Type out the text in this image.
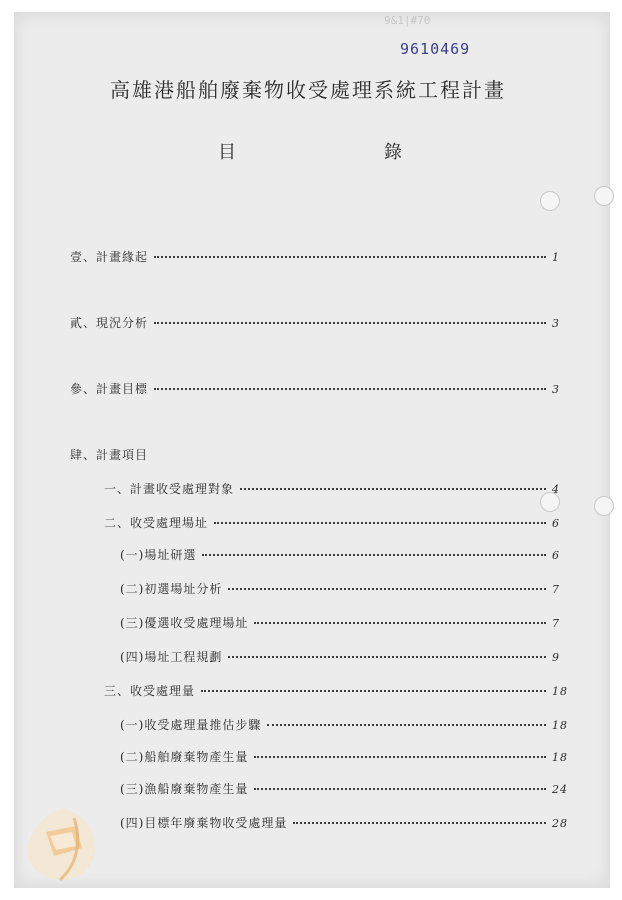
9&1|#70
9610469
高雄港船舶廢棄物收受處理系統工程計畫
目	錄
壹、計畫緣起	1
貳、現況分析	3
參、計畫目標	3
肆、計畫項目
一、計畫收受處理對象	4
二、收受處理場址	6
(一)場址研選	6
(二)初選場址分析	7
(三)優選收受處理場址	7
(四)場址工程規劃	9
三、收受處理量	18
(一)收受處理量推估步驟	18
(二)船舶廢棄物產生量	18
(三)漁船廢棄物產生量	24
(四)目標年廢棄物收受處理量	28
